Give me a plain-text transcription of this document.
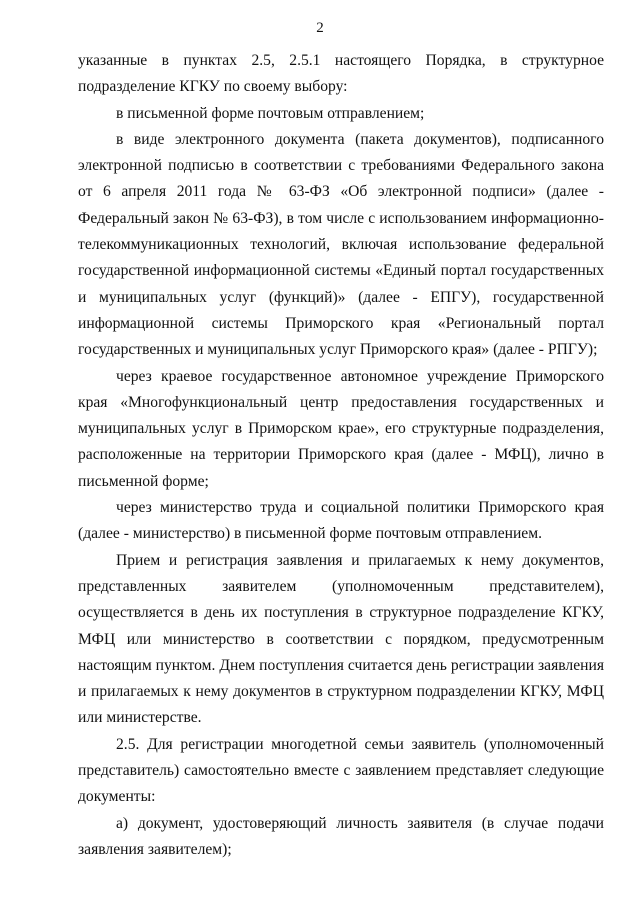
2

указанные в пунктах 2.5, 2.5.1 настоящего Порядка, в структурное подразделение КГКУ по своему выбору:

в письменной форме почтовым отправлением;

в виде электронного документа (пакета документов), подписанного электронной подписью в соответствии с требованиями Федерального закона от 6 апреля 2011 года № 63-ФЗ «Об электронной подписи» (далее - Федеральный закон № 63-ФЗ), в том числе с использованием информационно-телекоммуникационных технологий, включая использование федеральной государственной информационной системы «Единый портал государственных и муниципальных услуг (функций)» (далее - ЕПГУ), государственной информационной системы Приморского края «Региональный портал государственных и муниципальных услуг Приморского края» (далее - РПГУ);

через краевое государственное автономное учреждение Приморского края «Многофункциональный центр предоставления государственных и муниципальных услуг в Приморском крае», его структурные подразделения, расположенные на территории Приморского края (далее - МФЦ), лично в письменной форме;

через министерство труда и социальной политики Приморского края (далее - министерство) в письменной форме почтовым отправлением.

Прием и регистрация заявления и прилагаемых к нему документов, представленных заявителем (уполномоченным представителем), осуществляется в день их поступления в структурное подразделение КГКУ, МФЦ или министерство в соответствии с порядком, предусмотренным настоящим пунктом. Днем поступления считается день регистрации заявления и прилагаемых к нему документов в структурном подразделении КГКУ, МФЦ или министерстве.

2.5. Для регистрации многодетной семьи заявитель (уполномоченный представитель) самостоятельно вместе с заявлением представляет следующие документы:

а) документ, удостоверяющий личность заявителя (в случае подачи заявления заявителем);
